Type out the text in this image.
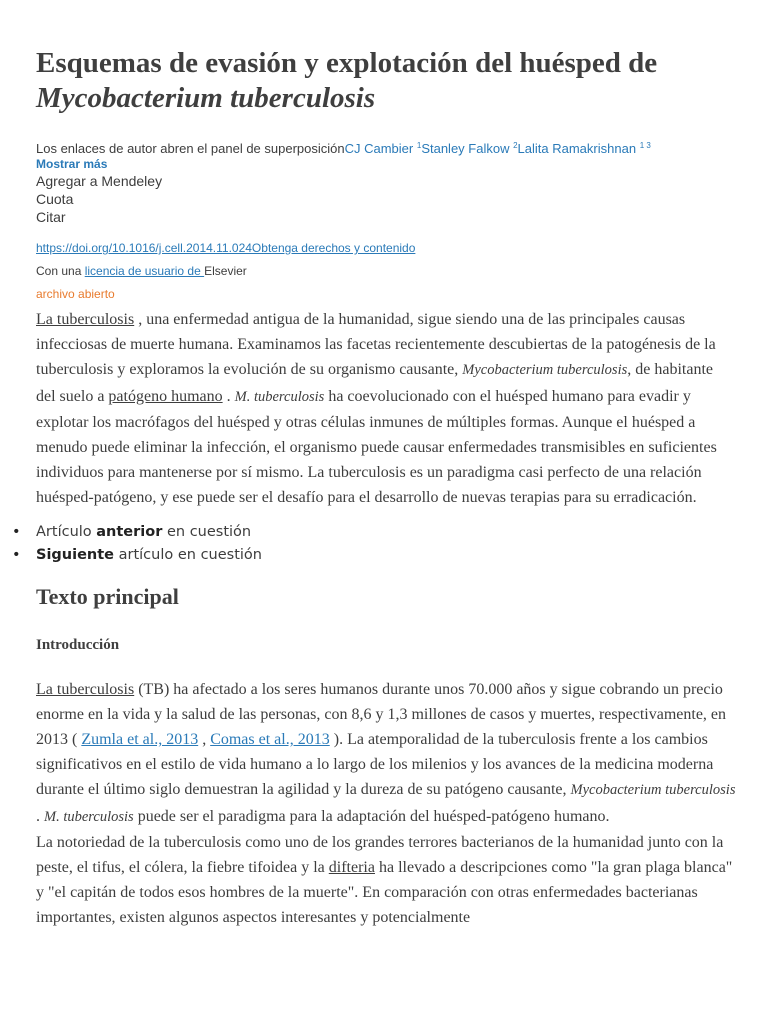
Esquemas de evasión y explotación del huésped de Mycobacterium tuberculosis
Los enlaces de autor abren el panel de superposiciónCJ Cambier $^1$Stanley Falkow $^2$Lalita Ramakrishnan $^{1 3}$
Mostrar más
Agregar a Mendeley
Cuota
Citar
https://doi.org/10.1016/j.cell.2014.11.024Obtenga derechos y contenido
Con una licencia de usuario de Elsevier
archivo abierto

La tuberculosis , una enfermedad antigua de la humanidad, sigue siendo una de las principales causas infecciosas de muerte humana. Examinamos las facetas recientemente descubiertas de la patogénesis de la tuberculosis y exploramos la evolución de su organismo causante, Mycobacterium tuberculosis, de habitante del suelo a patógeno humano . M. tuberculosis ha coevolucionado con el huésped humano para evadir y explotar los macrófagos del huésped y otras células inmunes de múltiples formas. Aunque el huésped a menudo puede eliminar la infección, el organismo puede causar enfermedades transmisibles en suficientes individuos para mantenerse por sí mismo. La tuberculosis es un paradigma casi perfecto de una relación huésped-patógeno, y ese puede ser el desafío para el desarrollo de nuevas terapias para su erradicación.

• Artículo anterior en cuestión
• Siguiente artículo en cuestión
Texto principal
Introducción

La tuberculosis (TB) ha afectado a los seres humanos durante unos 70.000 años y sigue cobrando un precio enorme en la vida y la salud de las personas, con 8,6 y 1,3 millones de casos y muertes, respectivamente, en 2013 ( Zumla et al., 2013 , Comas et al., 2013 ). La atemporalidad de la tuberculosis frente a los cambios significativos en el estilo de vida humano a lo largo de los milenios y los avances de la medicina moderna durante el último siglo demuestran la agilidad y la dureza de su patógeno causante, Mycobacterium tuberculosis . M. tuberculosis puede ser el paradigma para la adaptación del huésped-patógeno humano.

La notoriedad de la tuberculosis como uno de los grandes terrores bacterianos de la humanidad junto con la peste, el tifus, el cólera, la fiebre tifoidea y la difteria ha llevado a descripciones como "la gran plaga blanca" y "el capitán de todos esos hombres de la muerte". En comparación con otras enfermedades bacterianas importantes, existen algunos aspectos interesantes y potencialmente
